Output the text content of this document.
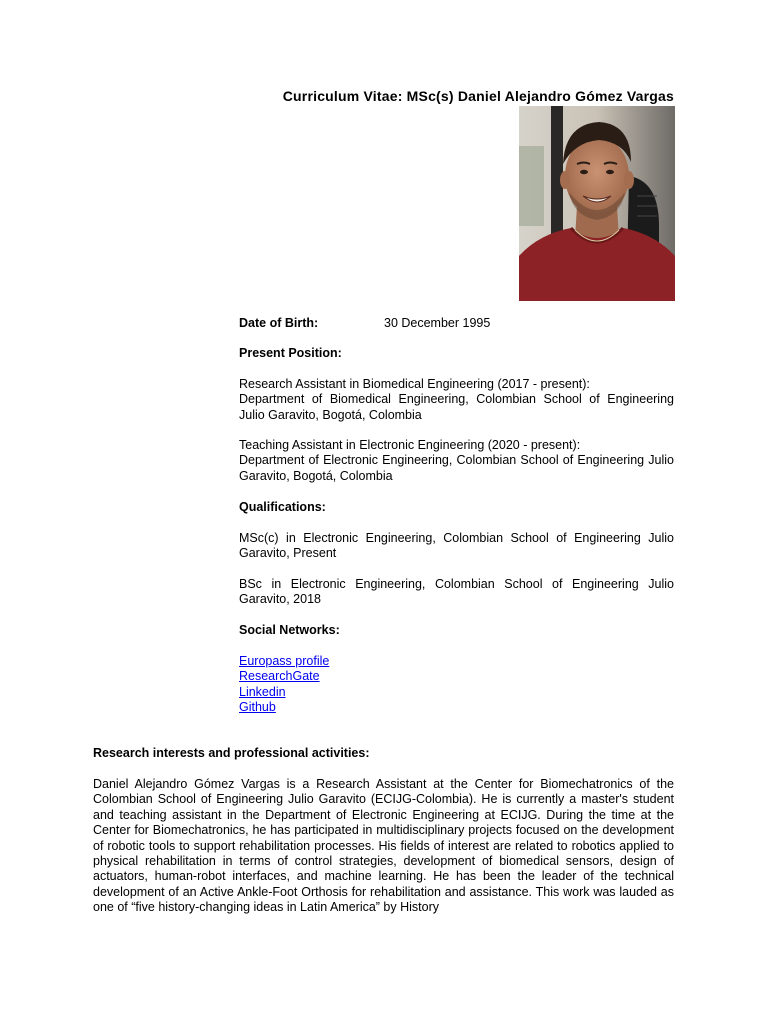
Curriculum Vitae: MSc(s) Daniel Alejandro Gómez Vargas
Date of Birth:	30 December 1995
Present Position:
Research Assistant in Biomedical Engineering (2017 - present):
Department of Biomedical Engineering, Colombian School of Engineering Julio Garavito, Bogotá, Colombia
Teaching Assistant in Electronic Engineering (2020 - present):
Department of Electronic Engineering, Colombian School of Engineering Julio Garavito, Bogotá, Colombia
Qualifications:
MSc(c) in Electronic Engineering, Colombian School of Engineering Julio Garavito, Present
BSc in Electronic Engineering, Colombian School of Engineering Julio Garavito, 2018
Social Networks:
Europass profile
ResearchGate
Linkedin
Github
Research interests and professional activities:
Daniel Alejandro Gómez Vargas is a Research Assistant at the Center for Biomechatronics of the Colombian School of Engineering Julio Garavito (ECIJG-Colombia). He is currently a master's student and teaching assistant in the Department of Electronic Engineering at ECIJG. During the time at the Center for Biomechatronics, he has participated in multidisciplinary projects focused on the development of robotic tools to support rehabilitation processes. His fields of interest are related to robotics applied to physical rehabilitation in terms of control strategies, development of biomedical sensors, design of actuators, human-robot interfaces, and machine learning. He has been the leader of the technical development of an Active Ankle-Foot Orthosis for rehabilitation and assistance. This work was lauded as one of “five history-changing ideas in Latin America” by History
